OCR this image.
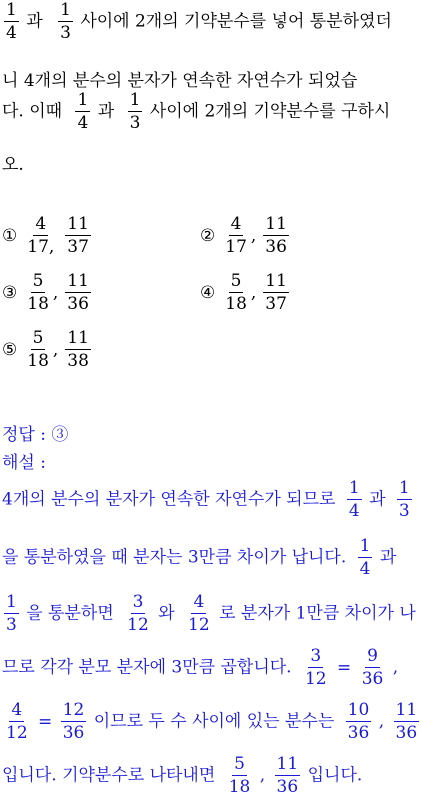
$\frac{1}{4}$ 과 $\frac{1}{3}$ 사이에 2개의 기약분수를 넣어 통분하였더
니 4개의 분수의 분자가 연속한 자연수가 되었습
다. 이때 $\frac{1}{4}$ 과 $\frac{1}{3}$ 사이에 2개의 기약분수를 구하시
오.
① $\frac{4}{17,} \frac{11}{37}$	② $\frac{4}{17}$ , $\frac{11}{36}$
③ $\frac{5}{18}$ , $\frac{11}{36}$	④ $\frac{5}{18}$ , $\frac{11}{37}$
⑤ $\frac{5}{18}$ , $\frac{11}{38}$
정답 : ③
해설 :
4개의 분수의 분자가 연속한 자연수가 되므로 $\frac{1}{4}$ 과 $\frac{1}{3}$
을 통분하였을 때 분자는 3만큼 차이가 납니다. $\frac{1}{4}$ 과
$\frac{1}{3}$ 을 통분하면 $\frac{3}{12}$ 와 $\frac{4}{12}$ 로 분자가 1만큼 차이가 나
므로 각각 분모 분자에 3만큼 곱합니다. $\frac{3}{12} = \frac{9}{36}$ ,
$\frac{4}{12} = \frac{12}{36}$ 이므로 두 수 사이에 있는 분수는 $\frac{10}{36}$ , $\frac{11}{36}$
입니다. 기약분수로 나타내면 $\frac{5}{18}$ , $\frac{11}{36}$ 입니다.
